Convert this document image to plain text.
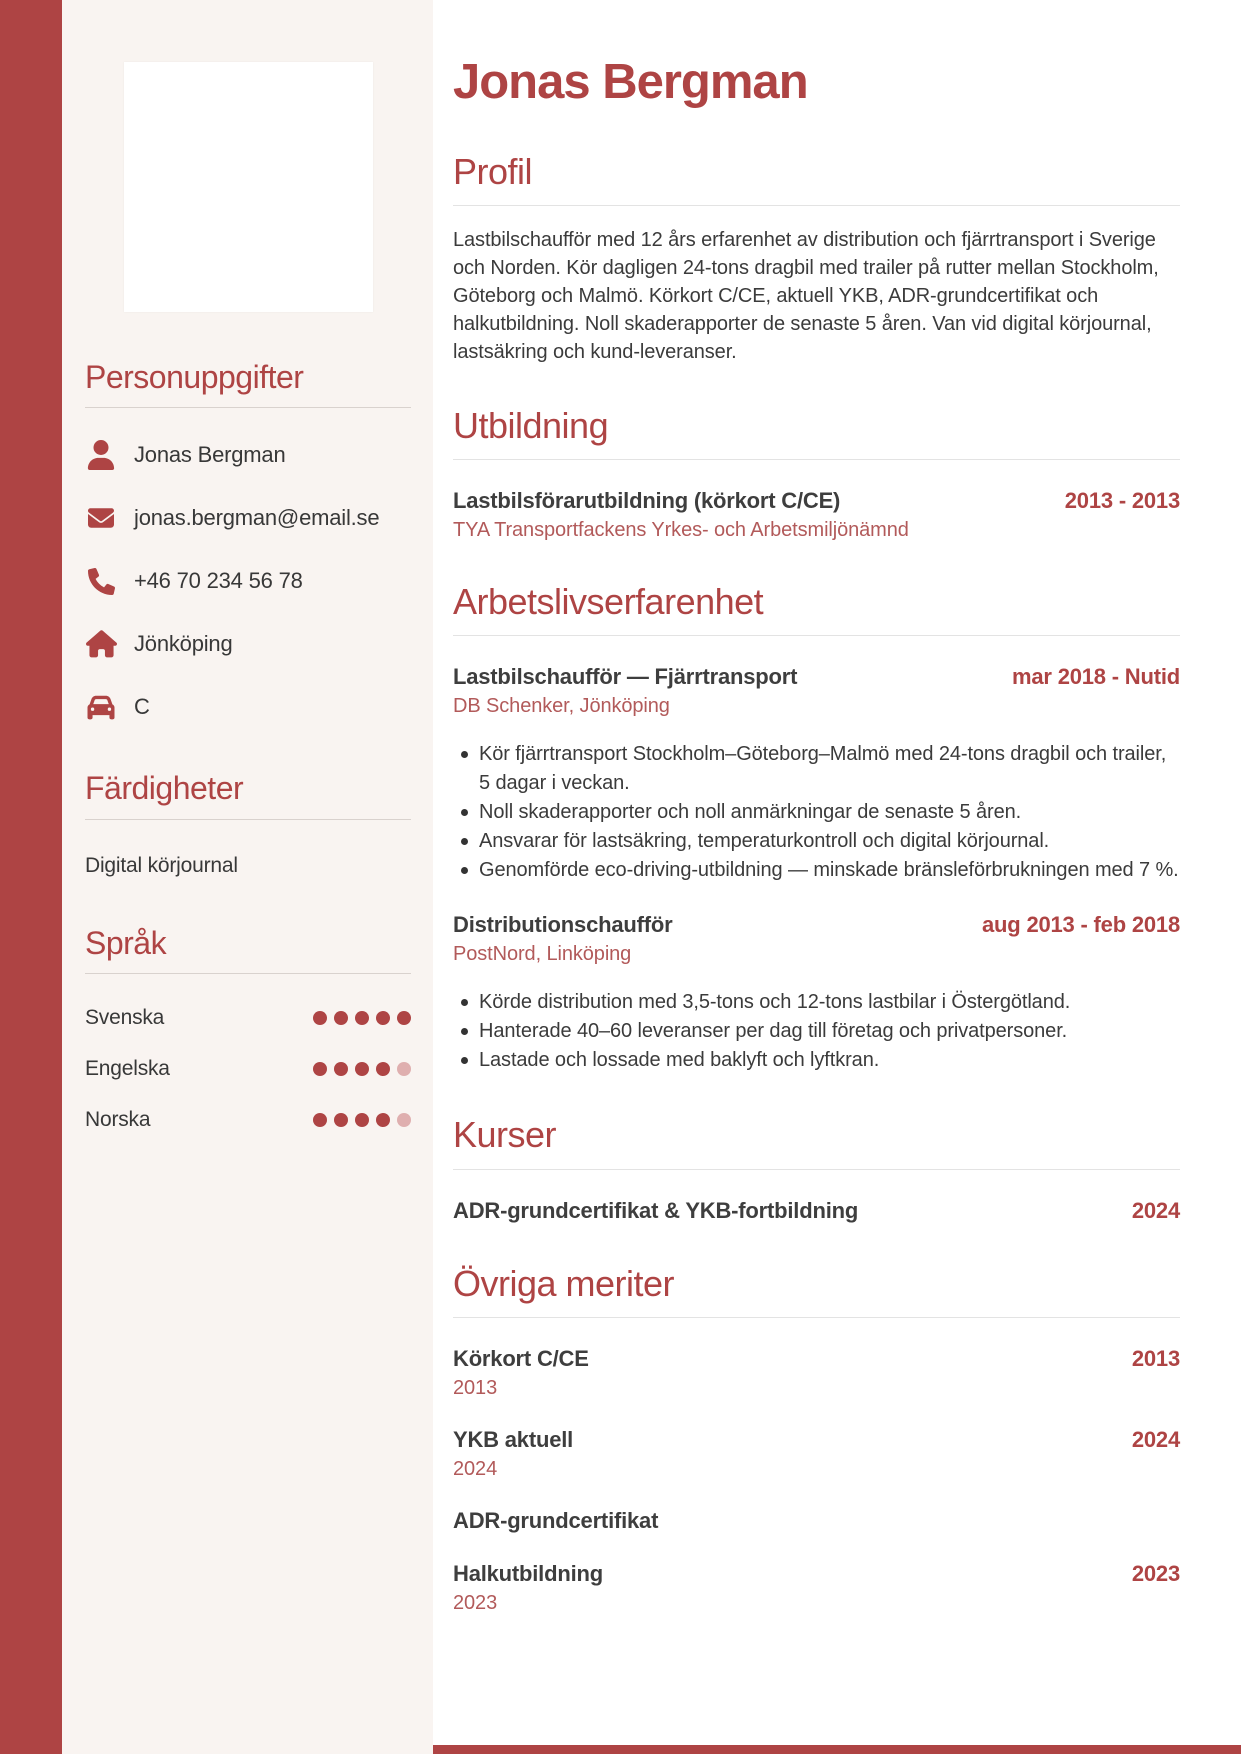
Personuppgifter
Jonas Bergman
jonas.bergman@email.se
+46 70 234 56 78
Jönköping
C
Färdigheter
Digital körjournal
Språk
Svenska
Engelska
Norska
Jonas Bergman
Profil

Lastbilschaufför med 12 års erfarenhet av distribution och fjärrtransport i Sverige och Norden. Kör dagligen 24-tons dragbil med trailer på rutter mellan Stockholm, Göteborg och Malmö. Körkort C/CE, aktuell YKB, ADR-grundcertifikat och halkutbildning. Noll skaderapporter de senaste 5 åren. Van vid digital körjournal, lastsäkring och kund-leveranser.

Utbildning
Lastbilsförarutbildning (körkort C/CE)	2013 - 2013
TYA Transportfackens Yrkes- och Arbetsmiljönämnd
Arbetslivserfarenhet
Lastbilschaufför — Fjärrtransport	mar 2018 - Nutid
DB Schenker, Jönköping
Kör fjärrtransport Stockholm–Göteborg–Malmö med 24-tons dragbil och trailer, 5 dagar i veckan.
Noll skaderapporter och noll anmärkningar de senaste 5 åren.
Ansvarar för lastsäkring, temperaturkontroll och digital körjournal.
Genomförde eco-driving-utbildning — minskade bränsleförbrukningen med 7 %.
Distributionschaufför	aug 2013 - feb 2018
PostNord, Linköping
Körde distribution med 3,5-tons och 12-tons lastbilar i Östergötland.
Hanterade 40–60 leveranser per dag till företag och privatpersoner.
Lastade och lossade med baklyft och lyftkran.
Kurser
ADR-grundcertifikat & YKB-fortbildning	2024
Övriga meriter
Körkort C/CE	2013
2013
YKB aktuell	2024
2024
ADR-grundcertifikat
Halkutbildning	2023
2023
